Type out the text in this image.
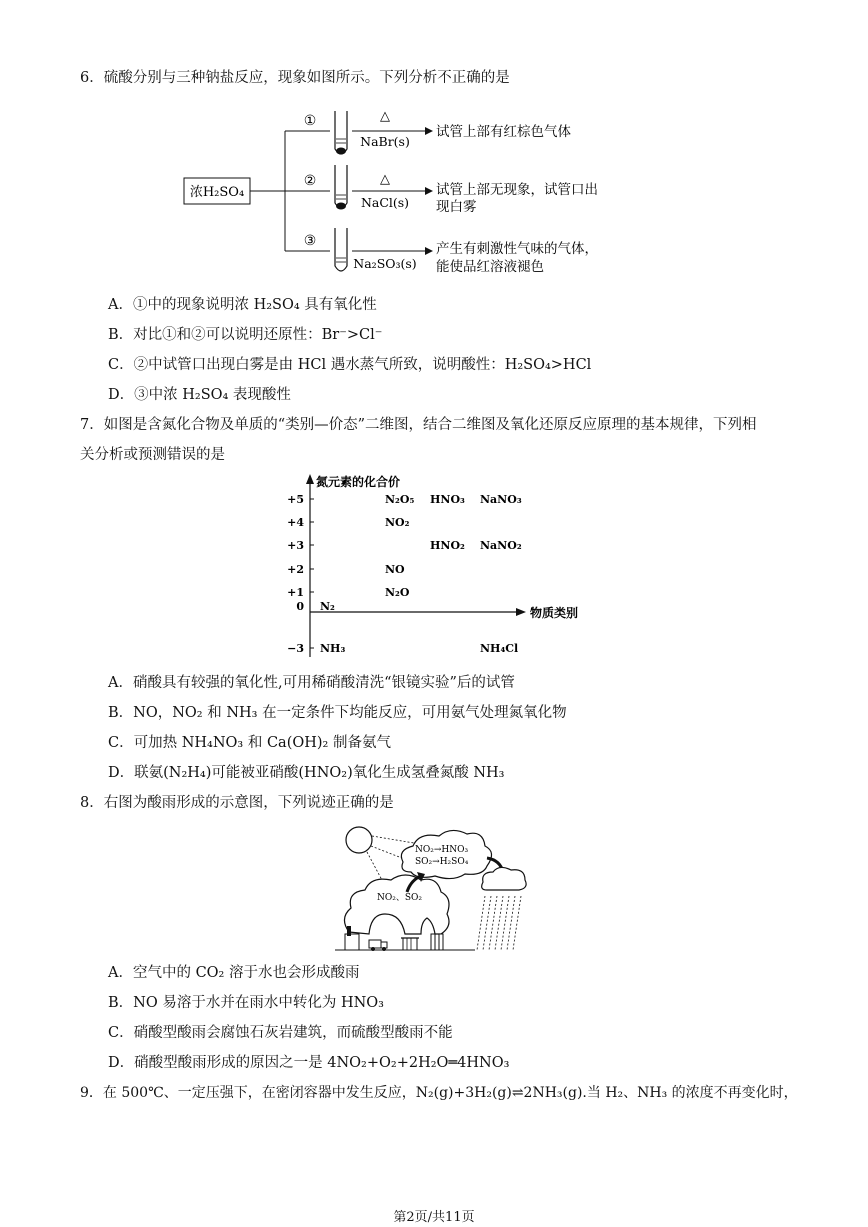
6．硫酸分别与三种钠盐反应，现象如图所示。下列分析不正确的是
浓H₂SO₄
①	△
NaBr(s)
试管上部有红棕色气体
②	△
NaCl(s)
试管上部无现象，试管口出
现白雾
③
Na₂SO₃(s)
产生有刺激性气味的气体，
能使品红溶液褪色
A．①中的现象说明浓 H₂SO₄ 具有氧化性
B．对比①和②可以说明还原性：Br⁻>Cl⁻
C．②中试管口出现白雾是由 HCl 遇水蒸气所致，说明酸性：H₂SO₄>HCl
D．③中浓 H₂SO₄ 表现酸性
7．如图是含氮化合物及单质的“类别—价态”二维图，结合二维图及氧化还原反应原理的基本规律，下列相
关分析或预测错误的是
氮元素的化合价
物质类别
+5
+4
+3
+2
+1
0
−3
N₂O₅ HNO₃ NaNO₃
NO₂
HNO₂ NaNO₂
NO
N₂O
N₂
NH₃	NH₄Cl
A．硝酸具有较强的氧化性,可用稀硝酸清洗“银镜实验”后的试管
B．NO，NO₂ 和 NH₃ 在一定条件下均能反应，可用氨气处理氮氧化物
C．可加热 NH₄NO₃ 和 Ca(OH)₂ 制备氨气
D．联氨(N₂H₄)可能被亚硝酸(HNO₂)氧化生成氢叠氮酸 NH₃
8．右图为酸雨形成的示意图，下列说迹正确的是
NO₂→HNO₃
SO₂→H₂SO₄
NO₂、SO₂
A．空气中的 CO₂ 溶于水也会形成酸雨
B．NO 易溶于水并在雨水中转化为 HNO₃
C．硝酸型酸雨会腐蚀石灰岩建筑，而硫酸型酸雨不能
D．硝酸型酸雨形成的原因之一是 4NO₂+O₂+2H₂O═4HNO₃
9．在 500℃、一定压强下，在密闭容器中发生反应，N₂(g)+3H₂(g)⇌2NH₃(g).当 H₂、NH₃ 的浓度不再变化时，
第2页/共11页
